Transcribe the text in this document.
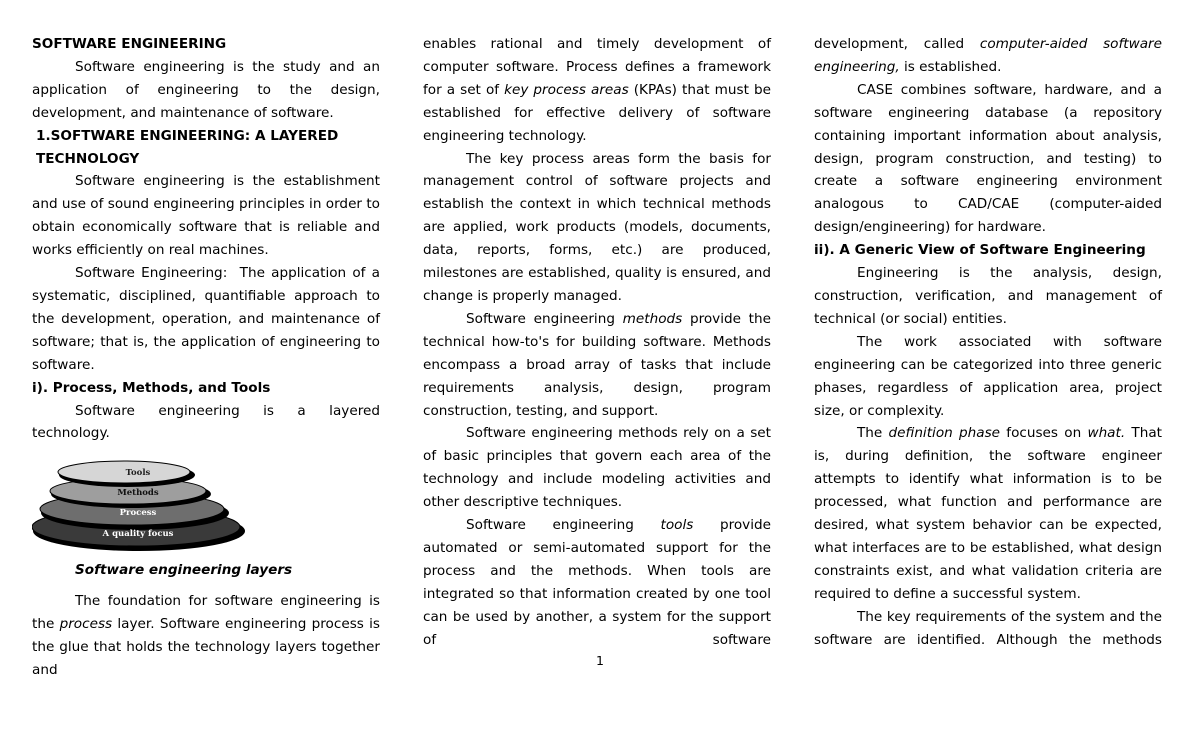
SOFTWARE ENGINEERING

Software engineering is the study and an application of engineering to the design, development, and maintenance of software.

1.SOFTWARE ENGINEERING: A LAYERED
TECHNOLOGY

Software engineering is the establishment and use of sound engineering principles in order to obtain economically software that is reliable and works efficiently on real machines.

Software Engineering:  The application of a systematic, disciplined, quantifiable approach to the development, operation, and maintenance of software; that is, the application of engineering to software.

i). Process, Methods, and Tools

Software engineering is a layered technology.

Tools
Methods
Process
A quality focus

Software engineering layers

The foundation for software engineering is the process layer. Software engineering process is the glue that holds the technology layers together and

enables rational and timely development of computer software. Process defines a framework for a set of key process areas (KPAs) that must be established for effective delivery of software engineering technology.

The key process areas form the basis for management control of software projects and establish the context in which technical methods are applied, work products (models, documents, data, reports, forms, etc.) are produced, milestones are established, quality is ensured, and change is properly managed.

Software engineering methods provide the technical how-to's for building software. Methods encompass a broad array of tasks that include requirements analysis, design, program construction, testing, and support.

Software engineering methods rely on a set of basic principles that govern each area of the technology and include modeling activities and other descriptive techniques.

Software engineering tools provide automated or semi-automated support for the process and the methods. When tools are integrated so that information created by one tool can be used by another, a system for the support of software

development, called computer-aided software engineering, is established.

CASE combines software, hardware, and a software engineering database (a repository containing important information about analysis, design, program construction, and testing) to create a software engineering environment analogous to CAD/CAE (computer-aided design/engineering) for hardware.

ii). A Generic View of Software Engineering

Engineering is the analysis, design, construction, verification, and management of technical (or social) entities.

The work associated with software engineering can be categorized into three generic phases, regardless of application area, project size, or complexity.

The definition phase focuses on what. That is, during definition, the software engineer attempts to identify what information is to be processed, what function and performance are desired, what system behavior can be expected, what interfaces are to be established, what design constraints exist, and what validation criteria are required to define a successful system.

The key requirements of the system and the software are identified. Although the methods

1
